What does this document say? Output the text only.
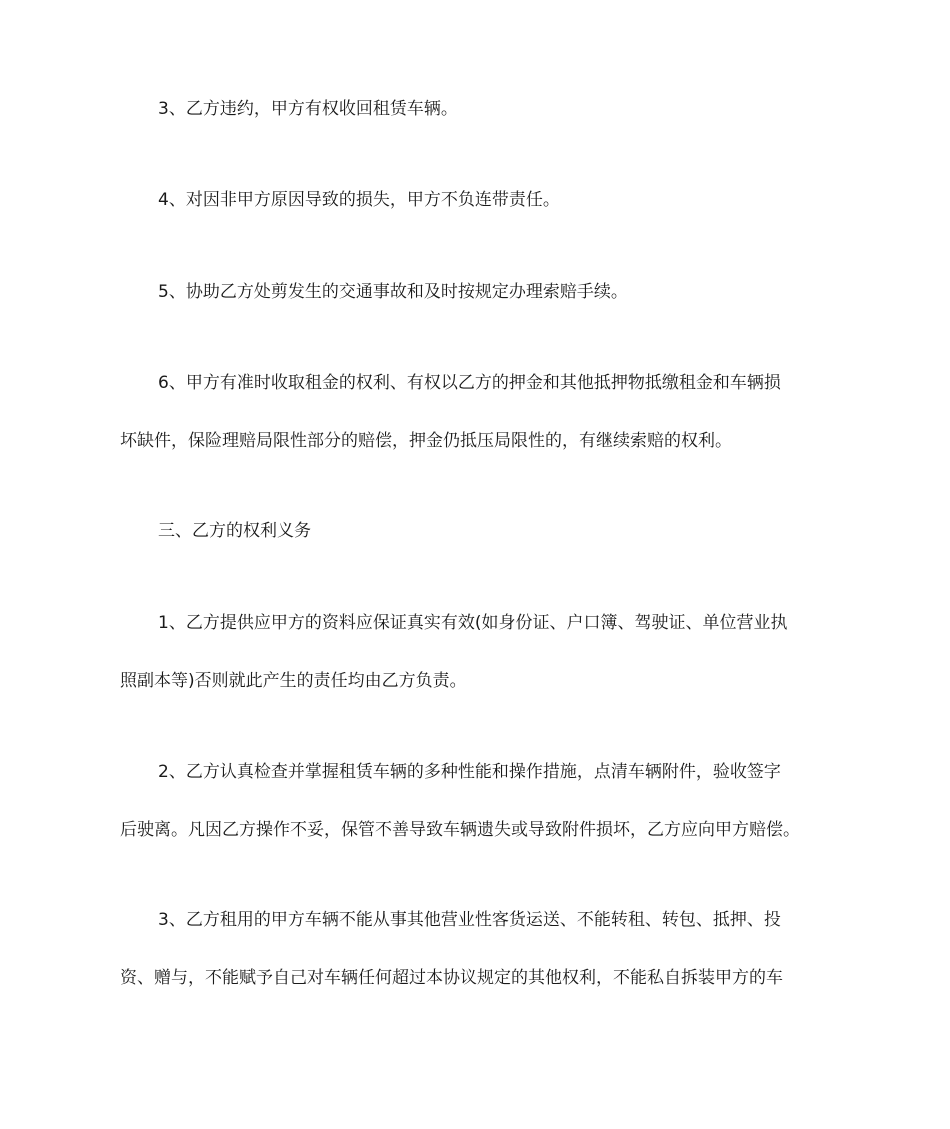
3、乙方违约，甲方有权收回租赁车辆。

4、对因非甲方原因导致的损失，甲方不负连带责任。

5、协助乙方处剪发生的交通事故和及时按规定办理索赔手续。

6、甲方有准时收取租金的权利、有权以乙方的押金和其他抵押物抵缴租金和车辆损

坏缺件，保险理赔局限性部分的赔偿，押金仍抵压局限性的，有继续索赔的权利。

三、乙方的权利义务

1、乙方提供应甲方的资料应保证真实有效(如身份证、户口簿、驾驶证、单位营业执

照副本等)否则就此产生的责任均由乙方负责。

2、乙方认真检查并掌握租赁车辆的多种性能和操作措施，点清车辆附件，验收签字

后驶离。凡因乙方操作不妥，保管不善导致车辆遗失或导致附件损坏，乙方应向甲方赔偿。

3、乙方租用的甲方车辆不能从事其他营业性客货运送、不能转租、转包、抵押、投

资、赠与，不能赋予自己对车辆任何超过本协议规定的其他权利，不能私自拆装甲方的车
